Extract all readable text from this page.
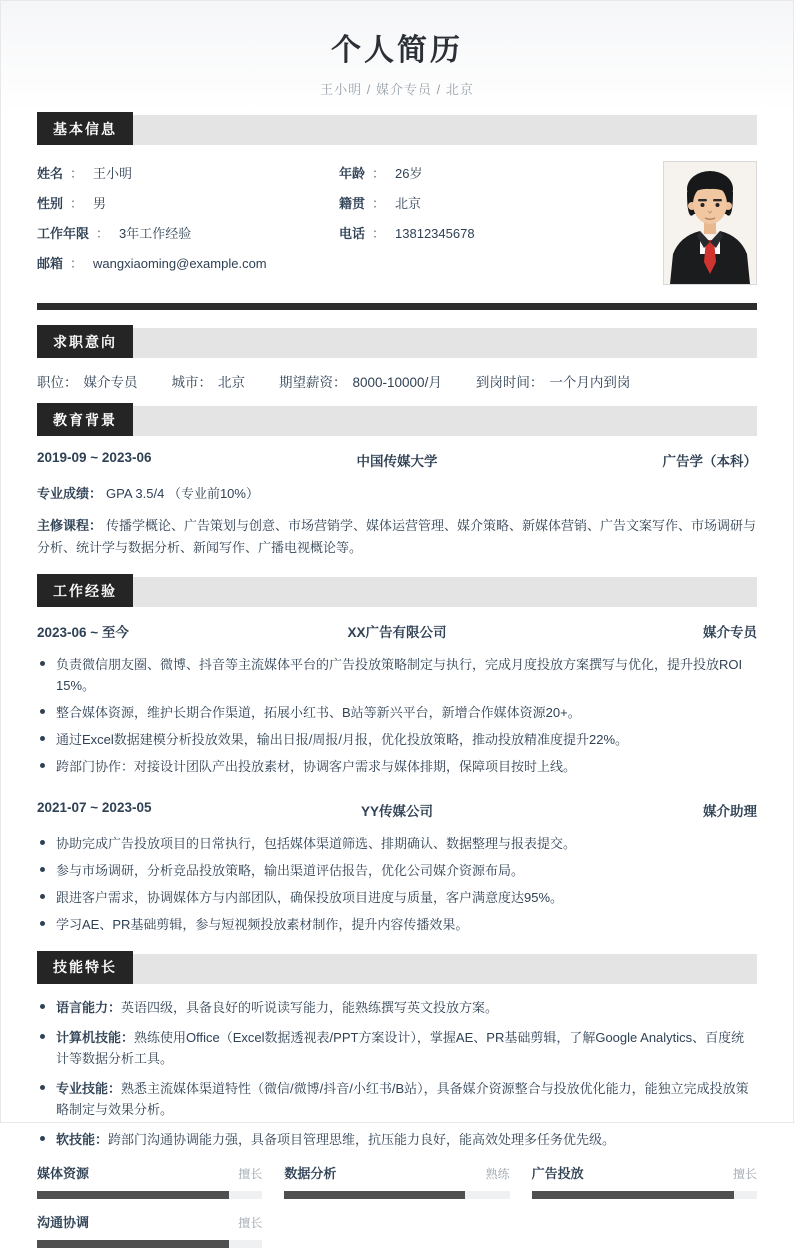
个人简历
王小明 / 媒介专员 / 北京
基本信息
姓名 ： 王小明	年龄 ： 26岁
性别 ： 男	籍贯 ： 北京
工作年限 ： 3年工作经验	电话 ： 13812345678
邮箱 ： wangxiaoming@example.com
求职意向
职位 ： 媒介专员	城市 ： 北京	期望薪资 ： 8000-10000/月	到岗时间 ： 一个月内到岗
教育背景
2019-09 ~ 2023-06	中国传媒大学	广告学（本科）
专业成绩： GPA 3.5/4 （专业前10%）
主修课程： 传播学概论、广告策划与创意、市场营销学、媒体运营管理、媒介策略、新媒体营销、广告文案写作、市场调研与分析、统计学与数据分析、新闻写作、广播电视概论等。
工作经验
2023-06 ~ 至今	XX广告有限公司	媒介专员
负责微信朋友圈、微博、抖音等主流媒体平台的广告投放策略制定与执行，完成月度投放方案撰写与优化，提升投放ROI 15%。
整合媒体资源，维护长期合作渠道，拓展小红书、B站等新兴平台，新增合作媒体资源20+。
通过Excel数据建模分析投放效果，输出日报/周报/月报，优化投放策略，推动投放精准度提升22%。
跨部门协作：对接设计团队产出投放素材，协调客户需求与媒体排期，保障项目按时上线。
2021-07 ~ 2023-05	YY传媒公司	媒介助理
协助完成广告投放项目的日常执行，包括媒体渠道筛选、排期确认、数据整理与报表提交。
参与市场调研，分析竞品投放策略，输出渠道评估报告，优化公司媒介资源布局。
跟进客户需求，协调媒体方与内部团队，确保投放项目进度与质量，客户满意度达95%。
学习AE、PR基础剪辑，参与短视频投放素材制作，提升内容传播效果。
技能特长
语言能力：英语四级，具备良好的听说读写能力，能熟练撰写英文投放方案。
计算机技能：熟练使用Office（Excel数据透视表/PPT方案设计），掌握AE、PR基础剪辑，了解Google Analytics、百度统计等数据分析工具。
专业技能：熟悉主流媒体渠道特性（微信/微博/抖音/小红书/B站），具备媒介资源整合与投放优化能力，能独立完成投放策略制定与效果分析。
软技能：跨部门沟通协调能力强，具备项目管理思维，抗压能力良好，能高效处理多任务优先级。
媒体资源	擅长 数据分析	熟练 广告投放	擅长
沟通协调	擅长
